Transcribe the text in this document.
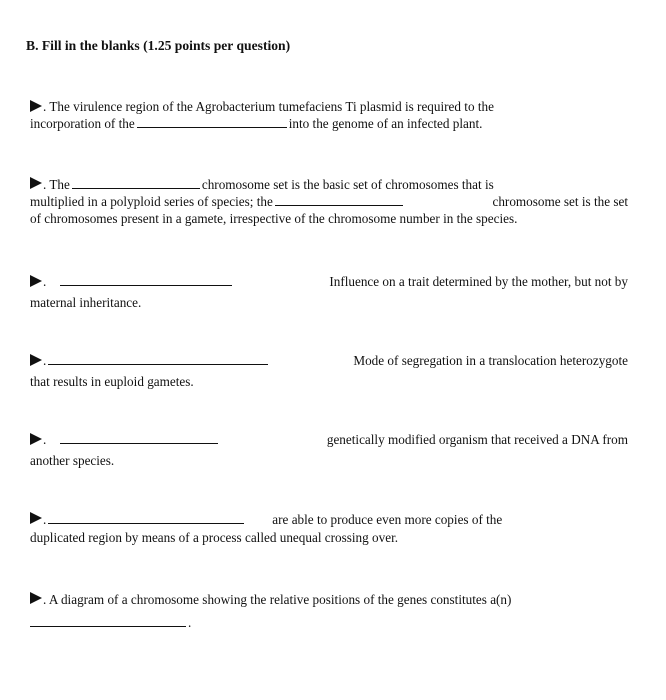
B. Fill in the blanks (1.25 points per question)
. The virulence region of the Agrobacterium tumefaciens Ti plasmid is required to the
incorporation of the	into the genome of an infected plant.
. The	chromosome set is the basic set of chromosomes that is
multiplied in a polyploid series of species; the	chromosome set is the set
of chromosomes present in a gamete, irrespective of the chromosome number in the species.
.	Influence on a trait determined by the mother, but not by
maternal inheritance.
.	Mode of segregation in a translocation heterozygote
that results in euploid gametes.
.	genetically modified organism that received a DNA from
another species.
.	are able to produce even more copies of the
duplicated region by means of a process called unequal crossing over.
. A diagram of a chromosome showing the relative positions of the genes constitutes a(n)
.
